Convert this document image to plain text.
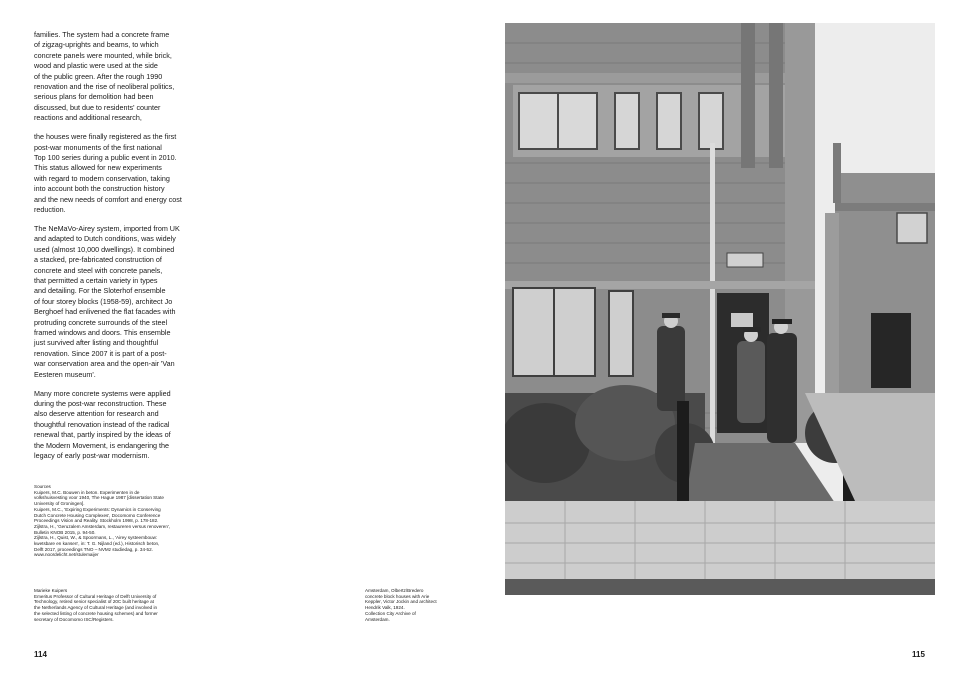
families. The system had a concrete frame
of zigzag-uprights and beams, to which
concrete panels were mounted, while brick,
wood and plastic were used at the side
of the public green. After the rough 1990
renovation and the rise of neoliberal politics,
serious plans for demolition had been
discussed, but due to residents' counter
reactions and additional research,

the houses were finally registered as the first
post-war monuments of the first national
Top 100 series during a public event in 2010.
This status allowed for new experiments
with regard to modern conservation, taking
into account both the construction history
and the new needs of comfort and energy cost
reduction.

The NeMaVo-Airey system, imported from UK
and adapted to Dutch conditions, was widely
used (almost 10,000 dwellings). It combined
a stacked, pre-fabricated construction of
concrete and steel with concrete panels,
that permitted a certain variety in types
and detailing. For the Sloterhof ensemble
of four storey blocks (1958-59), architect Jo
Berghoef had enlivened the flat facades with
protruding concrete surrounds of the steel
framed windows and doors. This ensemble
just survived after listing and thoughtful
renovation. Since 2007 it is part of a post-
war conservation area and the open-air 'Van
Eesteren museum'.

Many more concrete systems were applied
during the post-war reconstruction. These
also deserve attention for research and
thoughtful renovation instead of the radical
renewal that, partly inspired by the ideas of
the Modern Movement, is endangering the
legacy of early post-war modernism.

Sources
Kuipers, M.C. Bouwen in beton. Experimenten in de
volkshuisvesting voor 1940, The Hague 1987 [dissertation State
University of Groningen].
Kuipers, M.C., 'Expiring Experiments: Dynamics in Conserving
Dutch Concrete Housing Complexes', Docomomo Conference
Proceedings Vision and Reality. Stockholm 1998, p. 178-182.
Zijlstra, H., 'Geruzalem Amsterdam, restaureren versus renoveren',
Bulletin KNOB 2015, p. 94-50.
Zijlstra, H., Quist, W., & Spoormans, L., 'Airey systeembouw:
kwetsbare en kansen', in: T. G. Nijland (ed.), Historisch beton,
Delft 2017, proceedings TNO – NVMz studiedag, p. 34-52.
www.noordelicht.net/stulemaijer
Marieke Kuipers
Emeritus Professor of Cultural Heritage of Delft University of
Technology, retired senior specialist of 20C built heritage at
the Netherlands Agency of Cultural Heritage (and involved in
the selected listing of concrete housing schemes) and former
secretary of Docomomo ISC/Registers.
114
Amsterdam, Olbertz/Bredero
concrete block houses with Arie
Keppler, Victor Jockin and architect
Hendrik Valk, 1924.
Collection City Archive of
Amsterdam.
115
